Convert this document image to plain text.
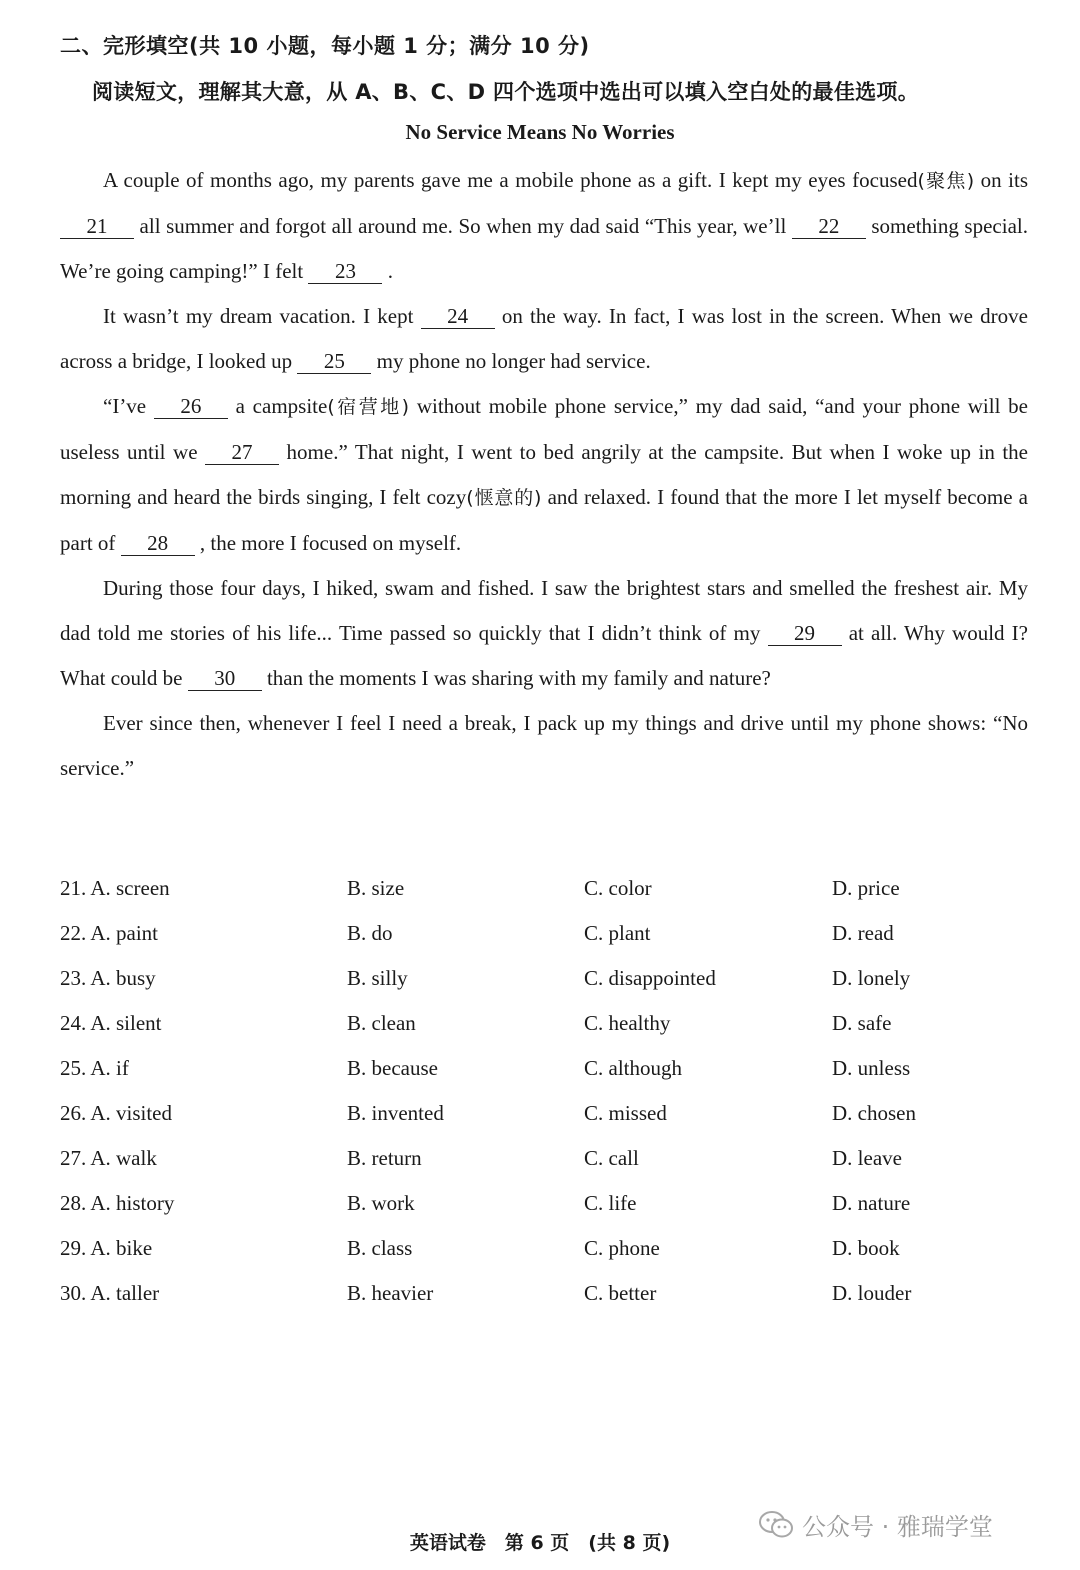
二、完形填空(共 10 小题，每小题 1 分；满分 10 分)
阅读短文，理解其大意，从 A、B、C、D 四个选项中选出可以填入空白处的最佳选项。
No Service Means No Worries

A couple of months ago, my parents gave me a mobile phone as a gift. I kept my eyes focused(聚焦) on its 21 all summer and forgot all around me. So when my dad said “This year, we’ll 22 something special. We’re going camping!” I felt 23 .

It wasn’t my dream vacation. I kept 24 on the way. In fact, I was lost in the screen. When we drove across a bridge, I looked up 25 my phone no longer had service.

“I’ve 26 a campsite(宿营地) without mobile phone service,” my dad said, “and your phone will be useless until we 27 home.” That night, I went to bed angrily at the campsite. But when I woke up in the morning and heard the birds singing, I felt cozy(惬意的) and relaxed. I found that the more I let myself become a part of 28 , the more I focused on myself.

During those four days, I hiked, swam and fished. I saw the brightest stars and smelled the freshest air. My dad told me stories of his life... Time passed so quickly that I didn’t think of my 29 at all. Why would I? What could be 30 than the moments I was sharing with my family and nature?

Ever since then, whenever I feel I need a break, I pack up my things and drive until my phone shows: “No service.”

21. A. screen	B. size	C. color	D. price
22. A. paint	B. do	C. plant	D. read
23. A. busy	B. silly	C. disappointed	D. lonely
24. A. silent	B. clean	C. healthy	D. safe
25. A. if	B. because	C. although	D. unless
26. A. visited	B. invented	C. missed	D. chosen
27. A. walk	B. return	C. call	D. leave
28. A. history	B. work	C. life	D. nature
29. A. bike	B. class	C. phone	D. book
30. A. taller	B. heavier	C. better	D. louder
公众号 · 雅瑞学堂
英语试卷　第 6 页　(共 8 页)
